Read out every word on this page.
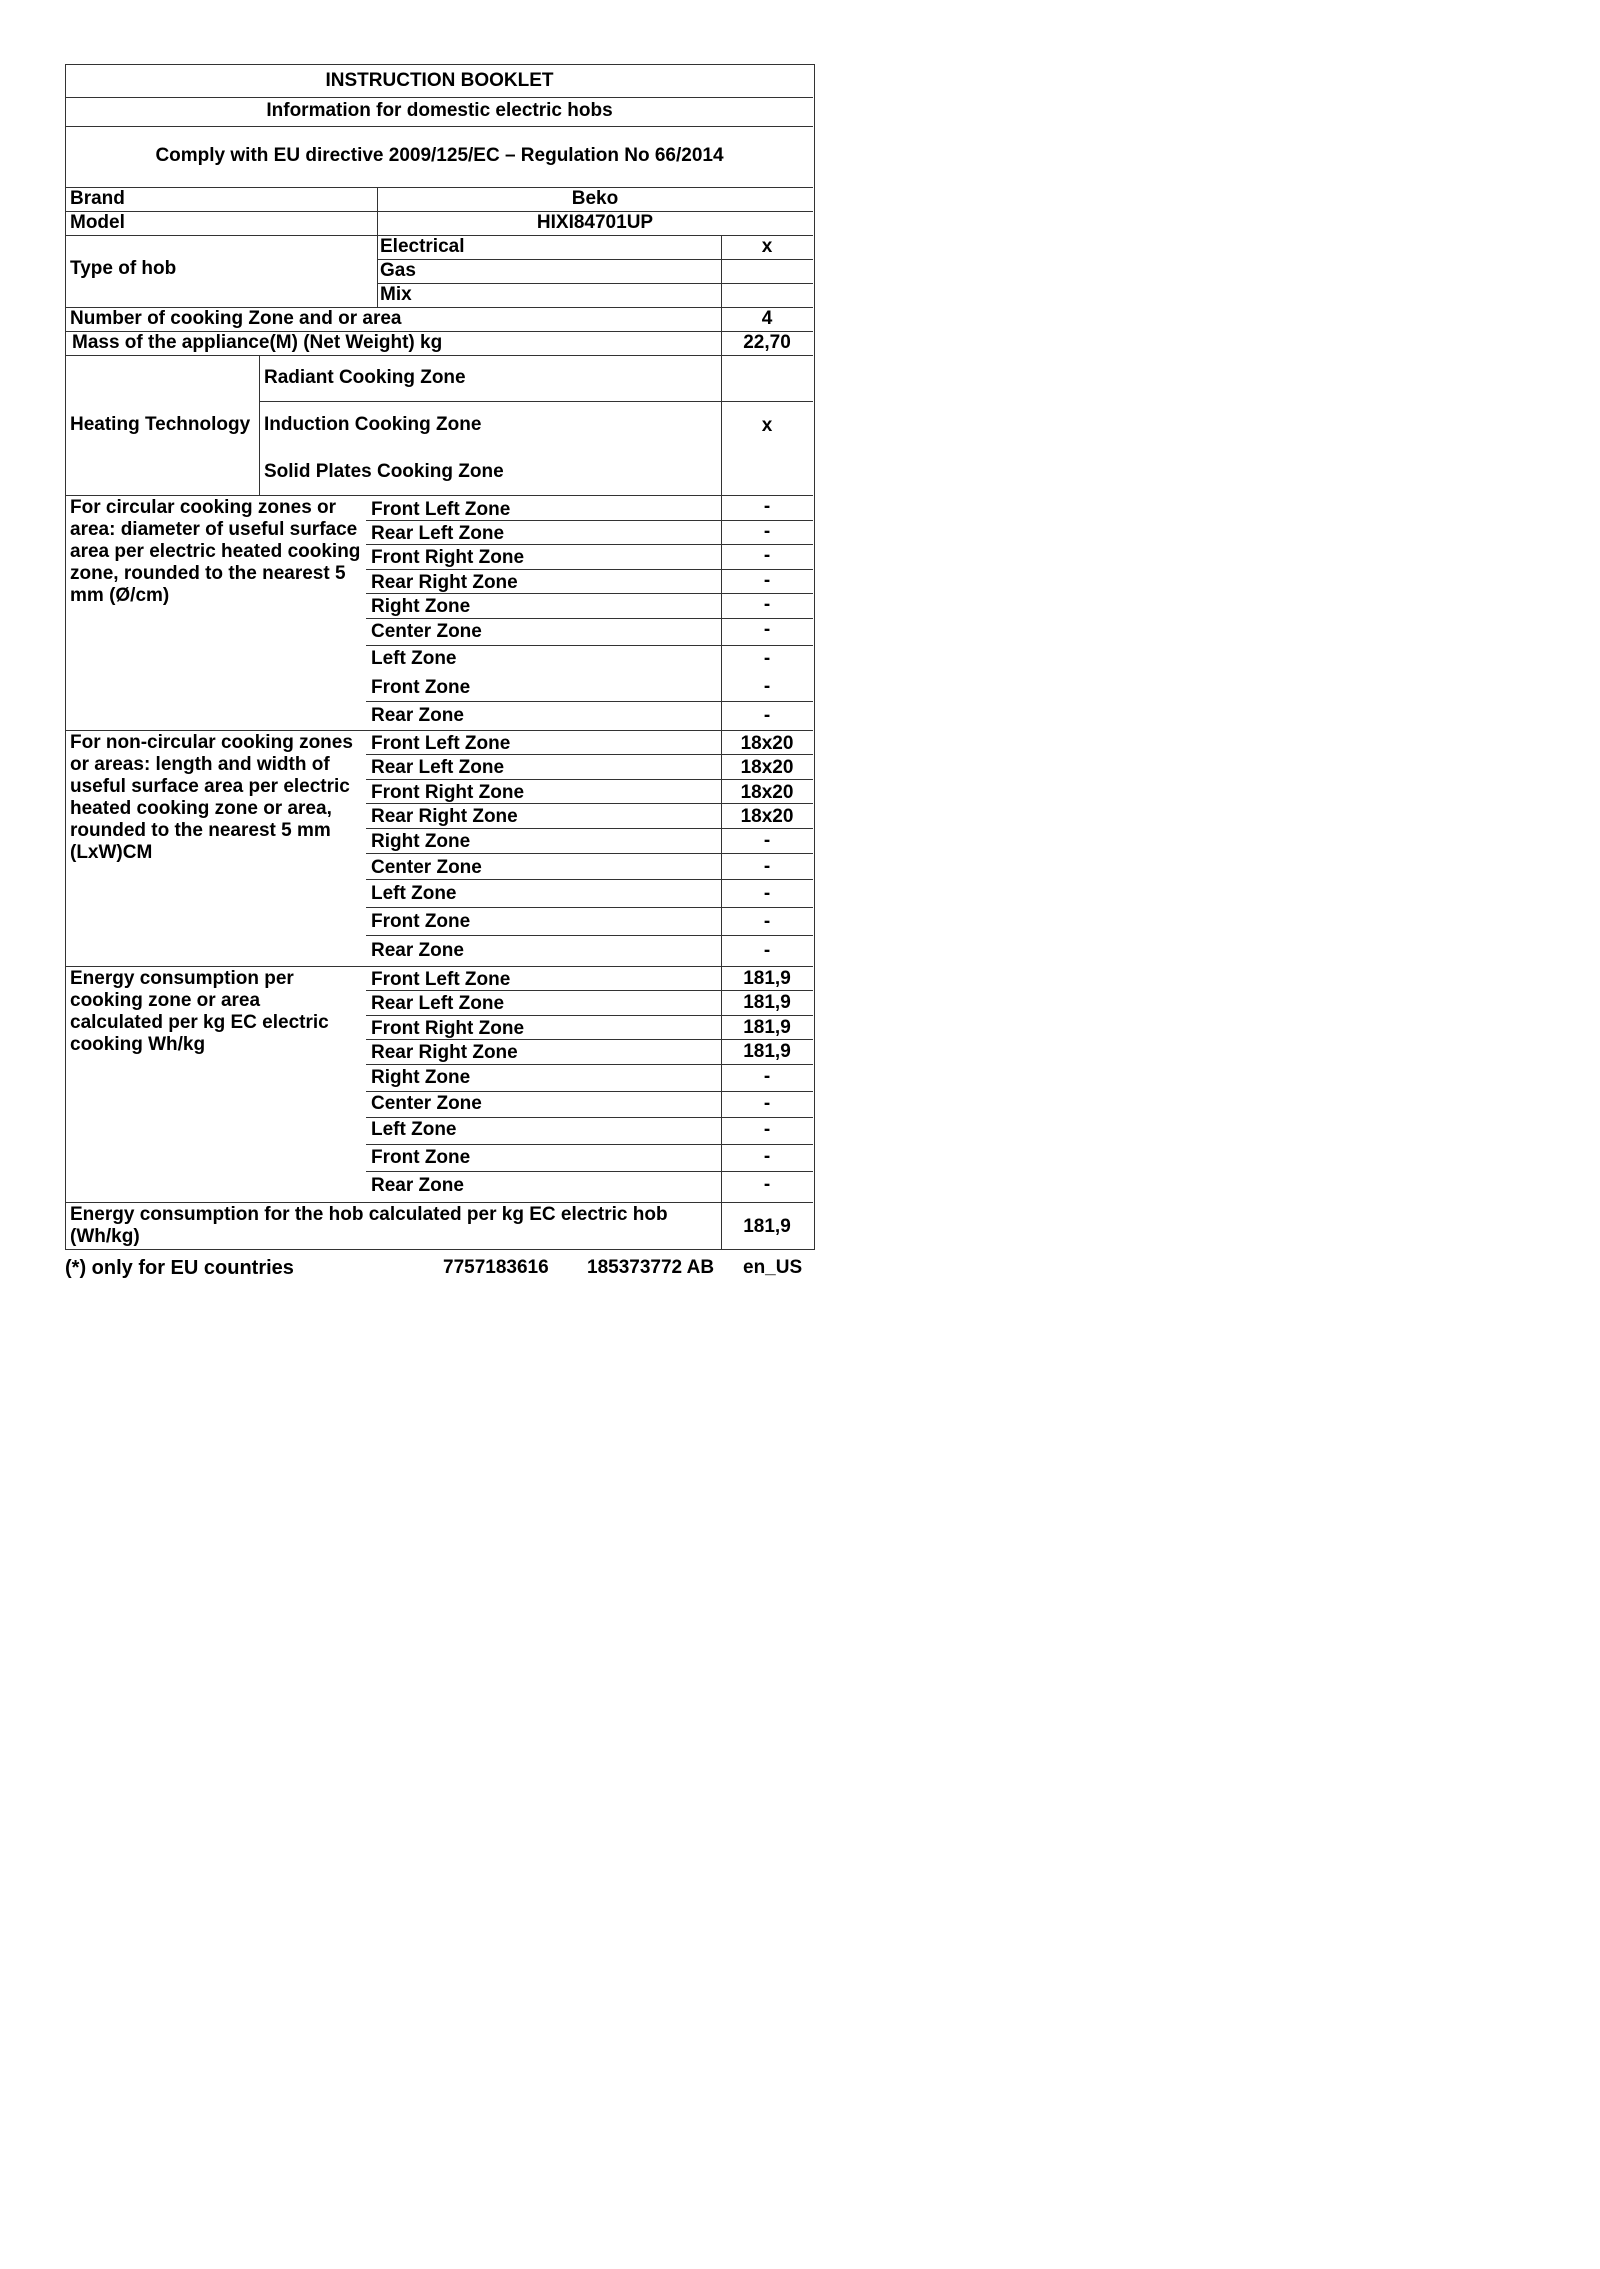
INSTRUCTION BOOKLET
Information for domestic electric hobs
Comply with EU directive 2009/125/EC – Regulation No 66/2014
Brand	Beko
Model	HIXI84701UP
Type of hob
Electrical	x
Gas
Mix
Number of cooking Zone and or area	4
Mass of the appliance(M) (Net Weight) kg	22,70
Heating Technology
Radiant Cooking Zone
Induction Cooking Zone	x
Solid Plates Cooking Zone
For circular cooking zones or area: diameter of useful surface area per electric heated cooking zone, rounded to the nearest 5 mm (Ø/cm)
Front Left Zone	-
Rear Left Zone	-
Front Right Zone	-
Rear Right Zone	-
Right Zone	-
Center Zone	-
Left Zone	-
Front Zone	-
Rear Zone	-
For non-circular cooking zones or areas: length and width of useful surface area per electric heated cooking zone or area, rounded to the nearest 5 mm (LxW)CM
Front Left Zone	18x20
Rear Left Zone	18x20
Front Right Zone	18x20
Rear Right Zone	18x20
Right Zone	-
Center Zone	-
Left Zone	-
Front Zone	-
Rear Zone	-
Energy consumption per cooking zone or area calculated per kg EC electric cooking Wh/kg
Front Left Zone	181,9
Rear Left Zone	181,9
Front Right Zone	181,9
Rear Right Zone	181,9
Right Zone	-
Center Zone	-
Left Zone	-
Front Zone	-
Rear Zone	-
Energy consumption for the hob calculated per kg EC electric hob (Wh/kg)	181,9
(*) only for EU countries	7757183616 185373772 AB en_US
